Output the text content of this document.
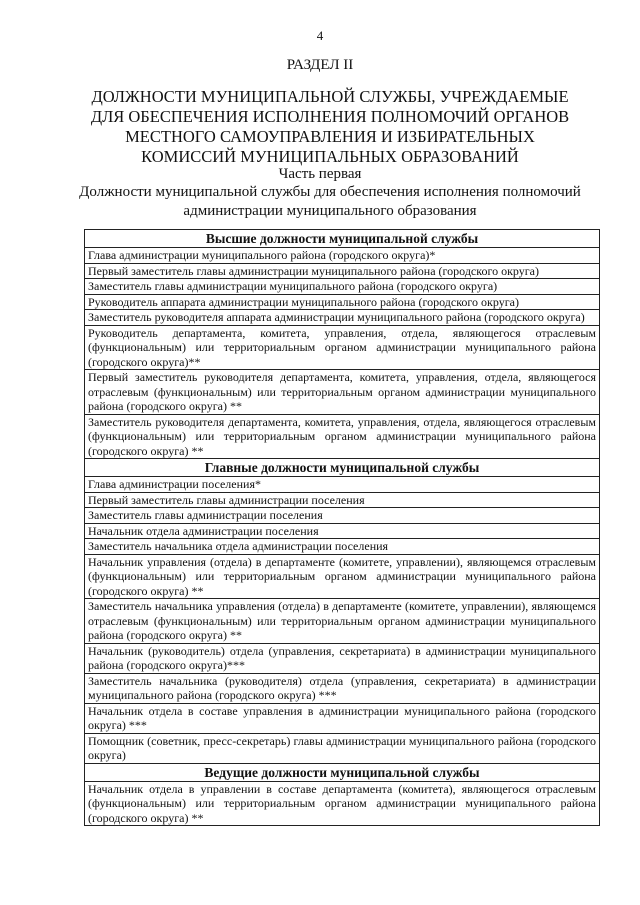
4
РАЗДЕЛ II
ДОЛЖНОСТИ МУНИЦИПАЛЬНОЙ СЛУЖБЫ, УЧРЕЖДАЕМЫЕ ДЛЯ ОБЕСПЕЧЕНИЯ ИСПОЛНЕНИЯ ПОЛНОМОЧИЙ ОРГАНОВ МЕСТНОГО САМОУПРАВЛЕНИЯ И ИЗБИРАТЕЛЬНЫХ КОМИССИЙ МУНИЦИПАЛЬНЫХ ОБРАЗОВАНИЙ
Часть первая
Должности муниципальной службы для обеспечения исполнения полномочий администрации муниципального образования
Высшие должности муниципальной службы
Глава администрации муниципального района (городского округа)*
Первый заместитель главы администрации муниципального района (городского округа)
Заместитель главы администрации муниципального района (городского округа)
Руководитель аппарата администрации муниципального района (городского округа)
Заместитель руководителя аппарата администрации муниципального района (городского округа)
Руководитель департамента, комитета, управления, отдела, являющегося отраслевым (функциональным) или территориальным органом администрации муниципального района (городского округа)**
Первый заместитель руководителя департамента, комитета, управления, отдела, являющегося отраслевым (функциональным) или территориальным органом администрации муниципального района (городского округа) **
Заместитель руководителя департамента, комитета, управления, отдела, являющегося отраслевым (функциональным) или территориальным органом администрации муниципального района (городского округа) **
Главные должности муниципальной службы
Глава администрации поселения*
Первый заместитель главы администрации поселения
Заместитель главы администрации поселения
Начальник отдела администрации поселения
Заместитель начальника отдела администрации поселения
Начальник управления (отдела) в департаменте (комитете, управлении), являющемся отраслевым (функциональным) или территориальным органом администрации муниципального района (городского округа) **
Заместитель начальника управления (отдела) в департаменте (комитете, управлении), являющемся отраслевым (функциональным) или территориальным органом администрации муниципального района (городского округа) **
Начальник (руководитель) отдела (управления, секретариата) в администрации муниципального района (городского округа)***
Заместитель начальника (руководителя) отдела (управления, секретариата) в администрации муниципального района (городского округа) ***
Начальник отдела в составе управления в администрации муниципального района (городского округа) ***
Помощник (советник, пресс-секретарь) главы администрации муниципального района (городского округа)
Ведущие должности муниципальной службы
Начальник отдела в управлении в составе департамента (комитета), являющегося отраслевым (функциональным) или территориальным органом администрации муниципального района (городского округа) **
